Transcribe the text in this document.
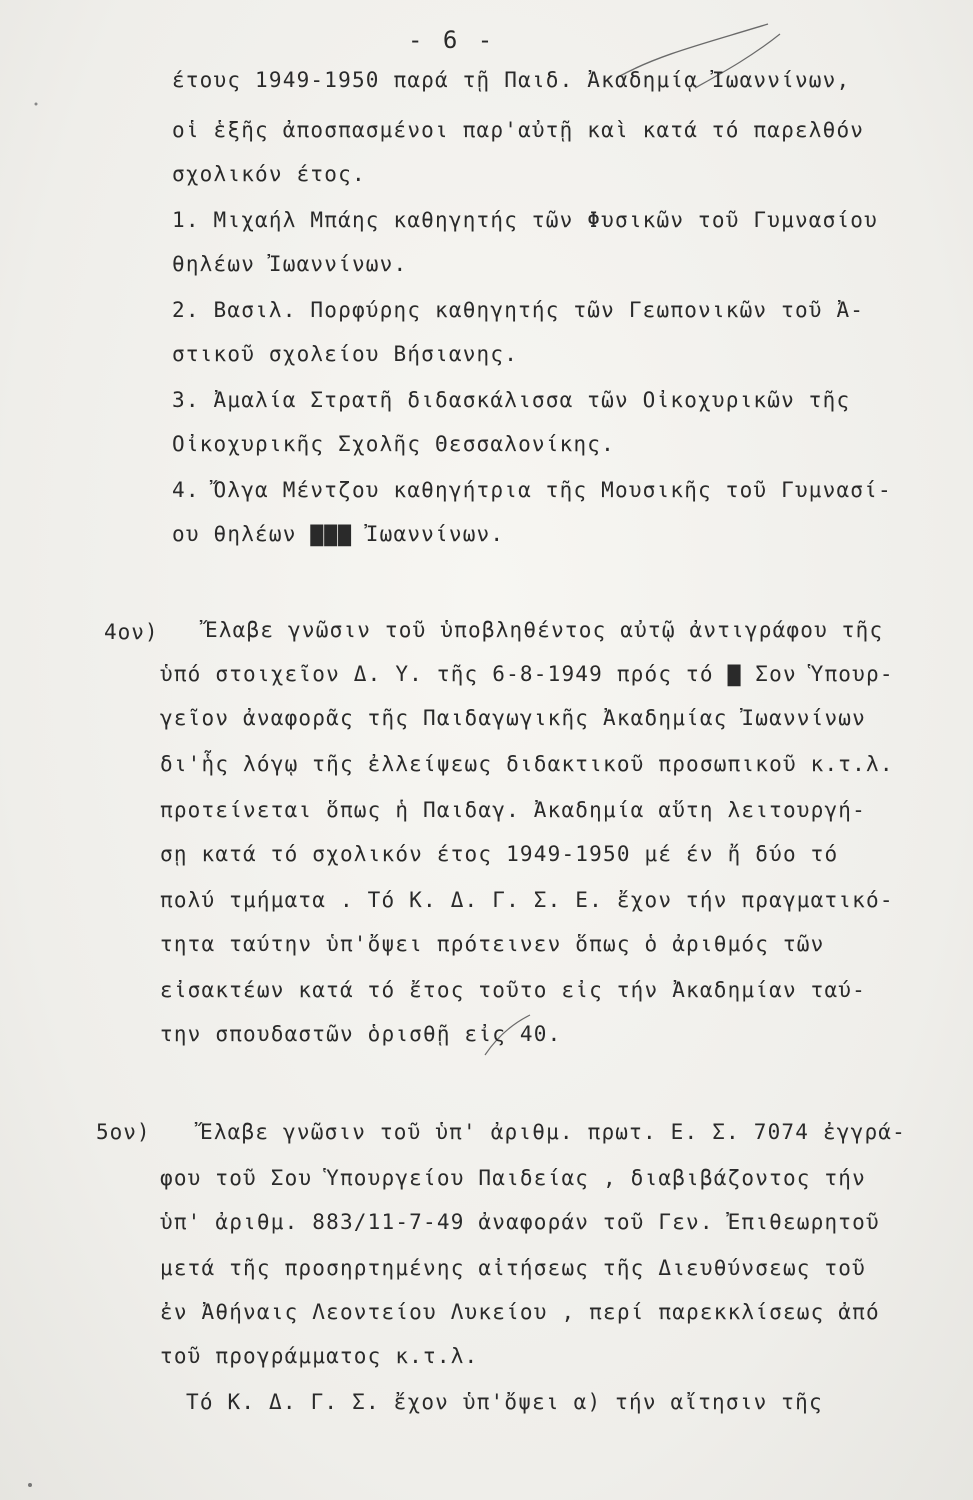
- 6 -
έτους 1949-1950 παρά τῇ Παιδ. Ἀκαδημίᾳ Ἰωαννίνων,
οἱ ἑξῆς ἀποσπασμένοι παρ'αὐτῇ καὶ κατά τό παρελθόν
σχολικόν έτος.
1. Μιχαήλ Μπάης καθηγητής τῶν Φυσικῶν τοῦ Γυμνασίου
θηλέων Ἰωαννίνων.
2. Βασιλ. Πορφύρης καθηγητής τῶν Γεωπονικῶν τοῦ Ἀ-
στικοῦ σχολείου Βήσιανης.
3. Ἀμαλία Στρατῆ διδασκάλισσα τῶν Οἰκοχυρικῶν τῆς
Οἰκοχυρικῆς Σχολῆς Θεσσαλονίκης.
4. Ὄλγα Μέντζου καθηγήτρια τῆς Μουσικῆς τοῦ Γυμνασί-
ου θηλέων ▇▇▇ Ἰωαννίνων.
4ον) Ἔλαβε γνῶσιν τοῦ ὑποβληθέντος αὐτῷ ἀντιγράφου τῆς
ὑπό στοιχεῖον Δ. Υ. τῆς 6-8-1949 πρός τό ▇ Σον Ὑπουρ-
γεῖον ἀναφορᾶς τῆς Παιδαγωγικῆς Ἀκαδημίας Ἰωαννίνων
δι'ἧς λόγῳ τῆς ἐλλείψεως διδακτικοῦ προσωπικοῦ κ.τ.λ.
προτείνεται ὅπως ἡ Παιδαγ. Ἀκαδημία αὕτη λειτουργή-
σῃ κατά τό σχολικόν έτος 1949-1950 μέ έν ἤ δύο τό
πολύ τμήματα . Τό Κ. Δ. Γ. Σ. Ε. ἔχον τήν πραγματικό-
τητα ταύτην ὑπ'ὄψει πρότεινεν ὅπως ὁ ἀριθμός τῶν
εἰσακτέων κατά τό ἔτος τοῦτο εἰς τήν Ἀκαδημίαν ταύ-
την σπουδαστῶν ὁρισθῇ εἰς 40.
5ον) Ἔλαβε γνῶσιν τοῦ ὑπ' ἀριθμ. πρωτ. Ε. Σ. 7074 ἐγγρά-
φου τοῦ Σου Ὑπουργείου Παιδείας , διαβιβάζοντος τήν
ὑπ' ἀριθμ. 883/11-7-49 ἀναφοράν τοῦ Γεν. Ἐπιθεωρητοῦ
μετά τῆς προσηρτημένης αἰτήσεως τῆς Διευθύνσεως τοῦ
ἐν Ἀθήναις Λεοντείου Λυκείου , περί παρεκκλίσεως ἀπό
τοῦ προγράμματος κ.τ.λ.
Τό Κ. Δ. Γ. Σ. ἔχον ὑπ'ὄψει α) τήν αἴτησιν τῆς
